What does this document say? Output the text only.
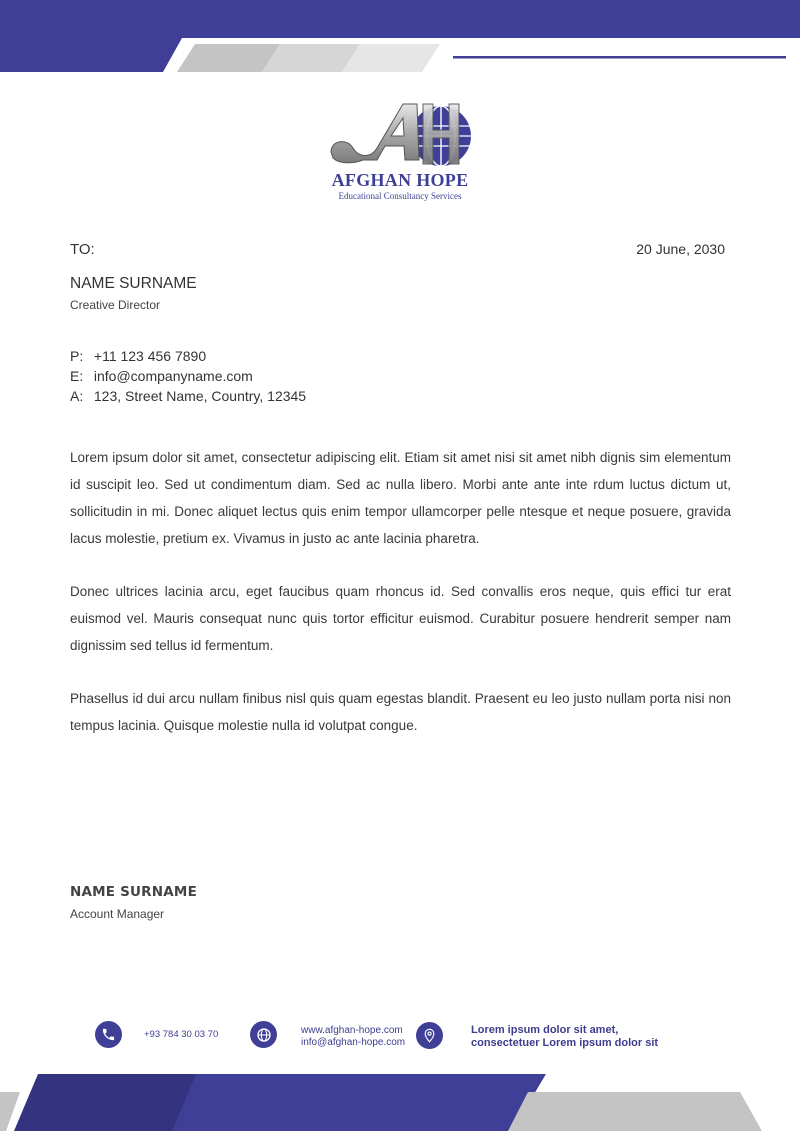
AFGHAN HOPE
Educational Consultancy Services
TO:	20 June, 2030
NAME SURNAME
Creative Director
P: +11 123 456 7890
E: info@companyname.com
A: 123, Street Name, Country, 12345

Lorem ipsum dolor sit amet, consectetur adipiscing elit. Etiam sit amet nisi sit amet nibh dignis sim elementum id suscipit leo. Sed ut condimentum diam. Sed ac nulla libero. Morbi ante ante inte rdum luctus dictum ut, sollicitudin in mi. Donec aliquet lectus quis enim tempor ullamcorper pelle ntesque et neque posuere, gravida lacus molestie, pretium ex. Vivamus in justo ac ante lacinia pharetra.

Donec ultrices lacinia arcu, eget faucibus quam rhoncus id. Sed convallis eros neque, quis effici tur erat euismod vel. Mauris consequat nunc quis tortor efficitur euismod. Curabitur posuere hendrerit semper nam dignissim sed tellus id fermentum.

Phasellus id dui arcu nullam finibus nisl quis quam egestas blandit. Praesent eu leo justo nullam porta nisi non tempus lacinia. Quisque molestie nulla id volutpat congue.

NAME SURNAME
Account Manager
+93 784 30 03 70	www.afghan-hope.com
info@afghan-hope.com
Lorem ipsum dolor sit amet,
consectetuer Lorem ipsum dolor sit
